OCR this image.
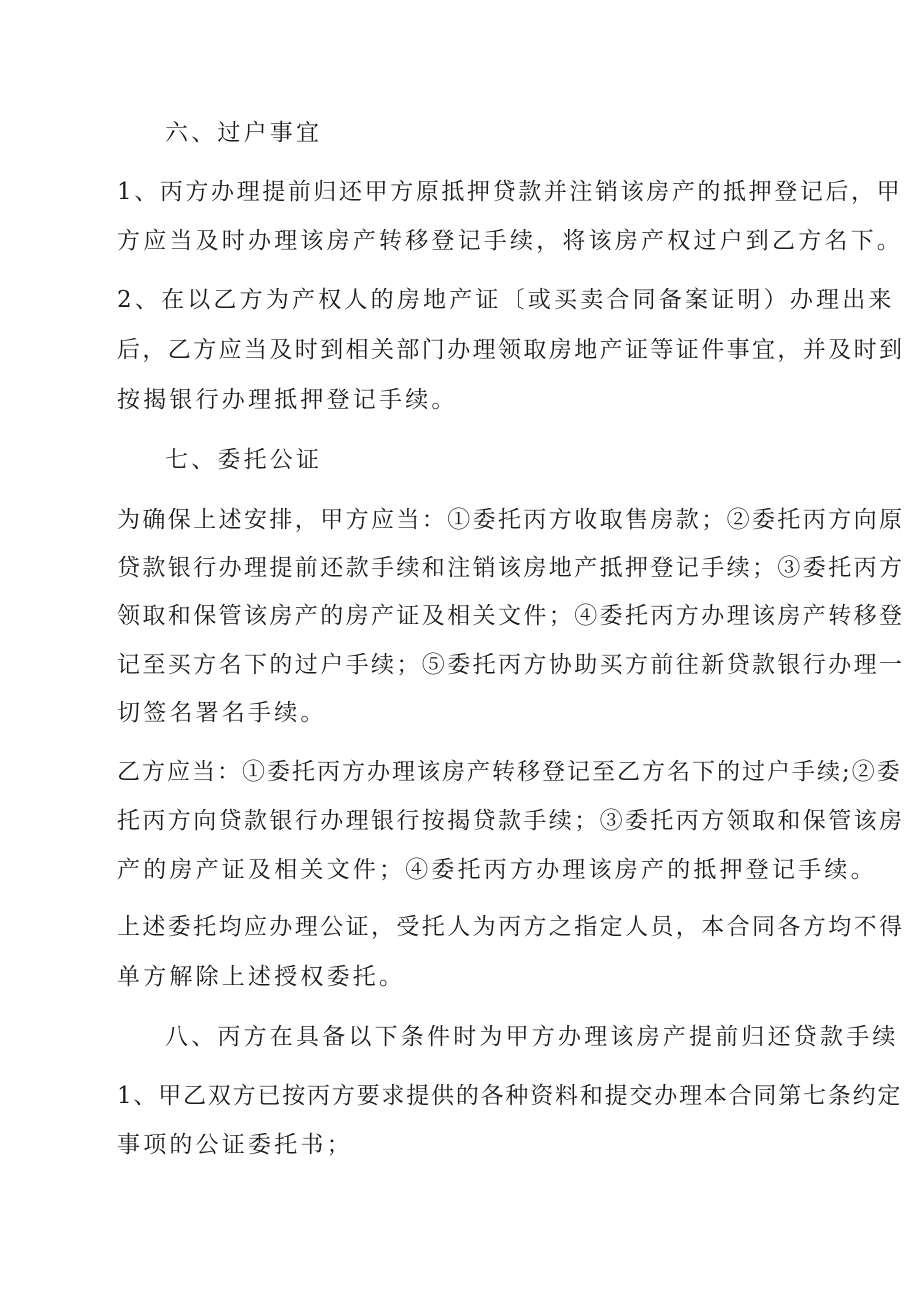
六、过户事宜
1、丙方办理提前归还甲方原抵押贷款并注销该房产的抵押登记后，甲
方应当及时办理该房产转移登记手续，将该房产权过户到乙方名下。
2、在以乙方为产权人的房地产证〔或买卖合同备案证明）办理出来
后，乙方应当及时到相关部门办理领取房地产证等证件事宜，并及时到
按揭银行办理抵押登记手续。
七、委托公证
为确保上述安排，甲方应当：①委托丙方收取售房款；②委托丙方向原
贷款银行办理提前还款手续和注销该房地产抵押登记手续；③委托丙方
领取和保管该房产的房产证及相关文件；④委托丙方办理该房产转移登
记至买方名下的过户手续；⑤委托丙方协助买方前往新贷款银行办理一
切签名署名手续。
乙方应当：①委托丙方办理该房产转移登记至乙方名下的过户手续;②委
托丙方向贷款银行办理银行按揭贷款手续；③委托丙方领取和保管该房
产的房产证及相关文件；④委托丙方办理该房产的抵押登记手续。
上述委托均应办理公证，受托人为丙方之指定人员，本合同各方均不得
单方解除上述授权委托。
八、丙方在具备以下条件时为甲方办理该房产提前归还贷款手续
1、甲乙双方已按丙方要求提供的各种资料和提交办理本合同第七条约定
事项的公证委托书；
